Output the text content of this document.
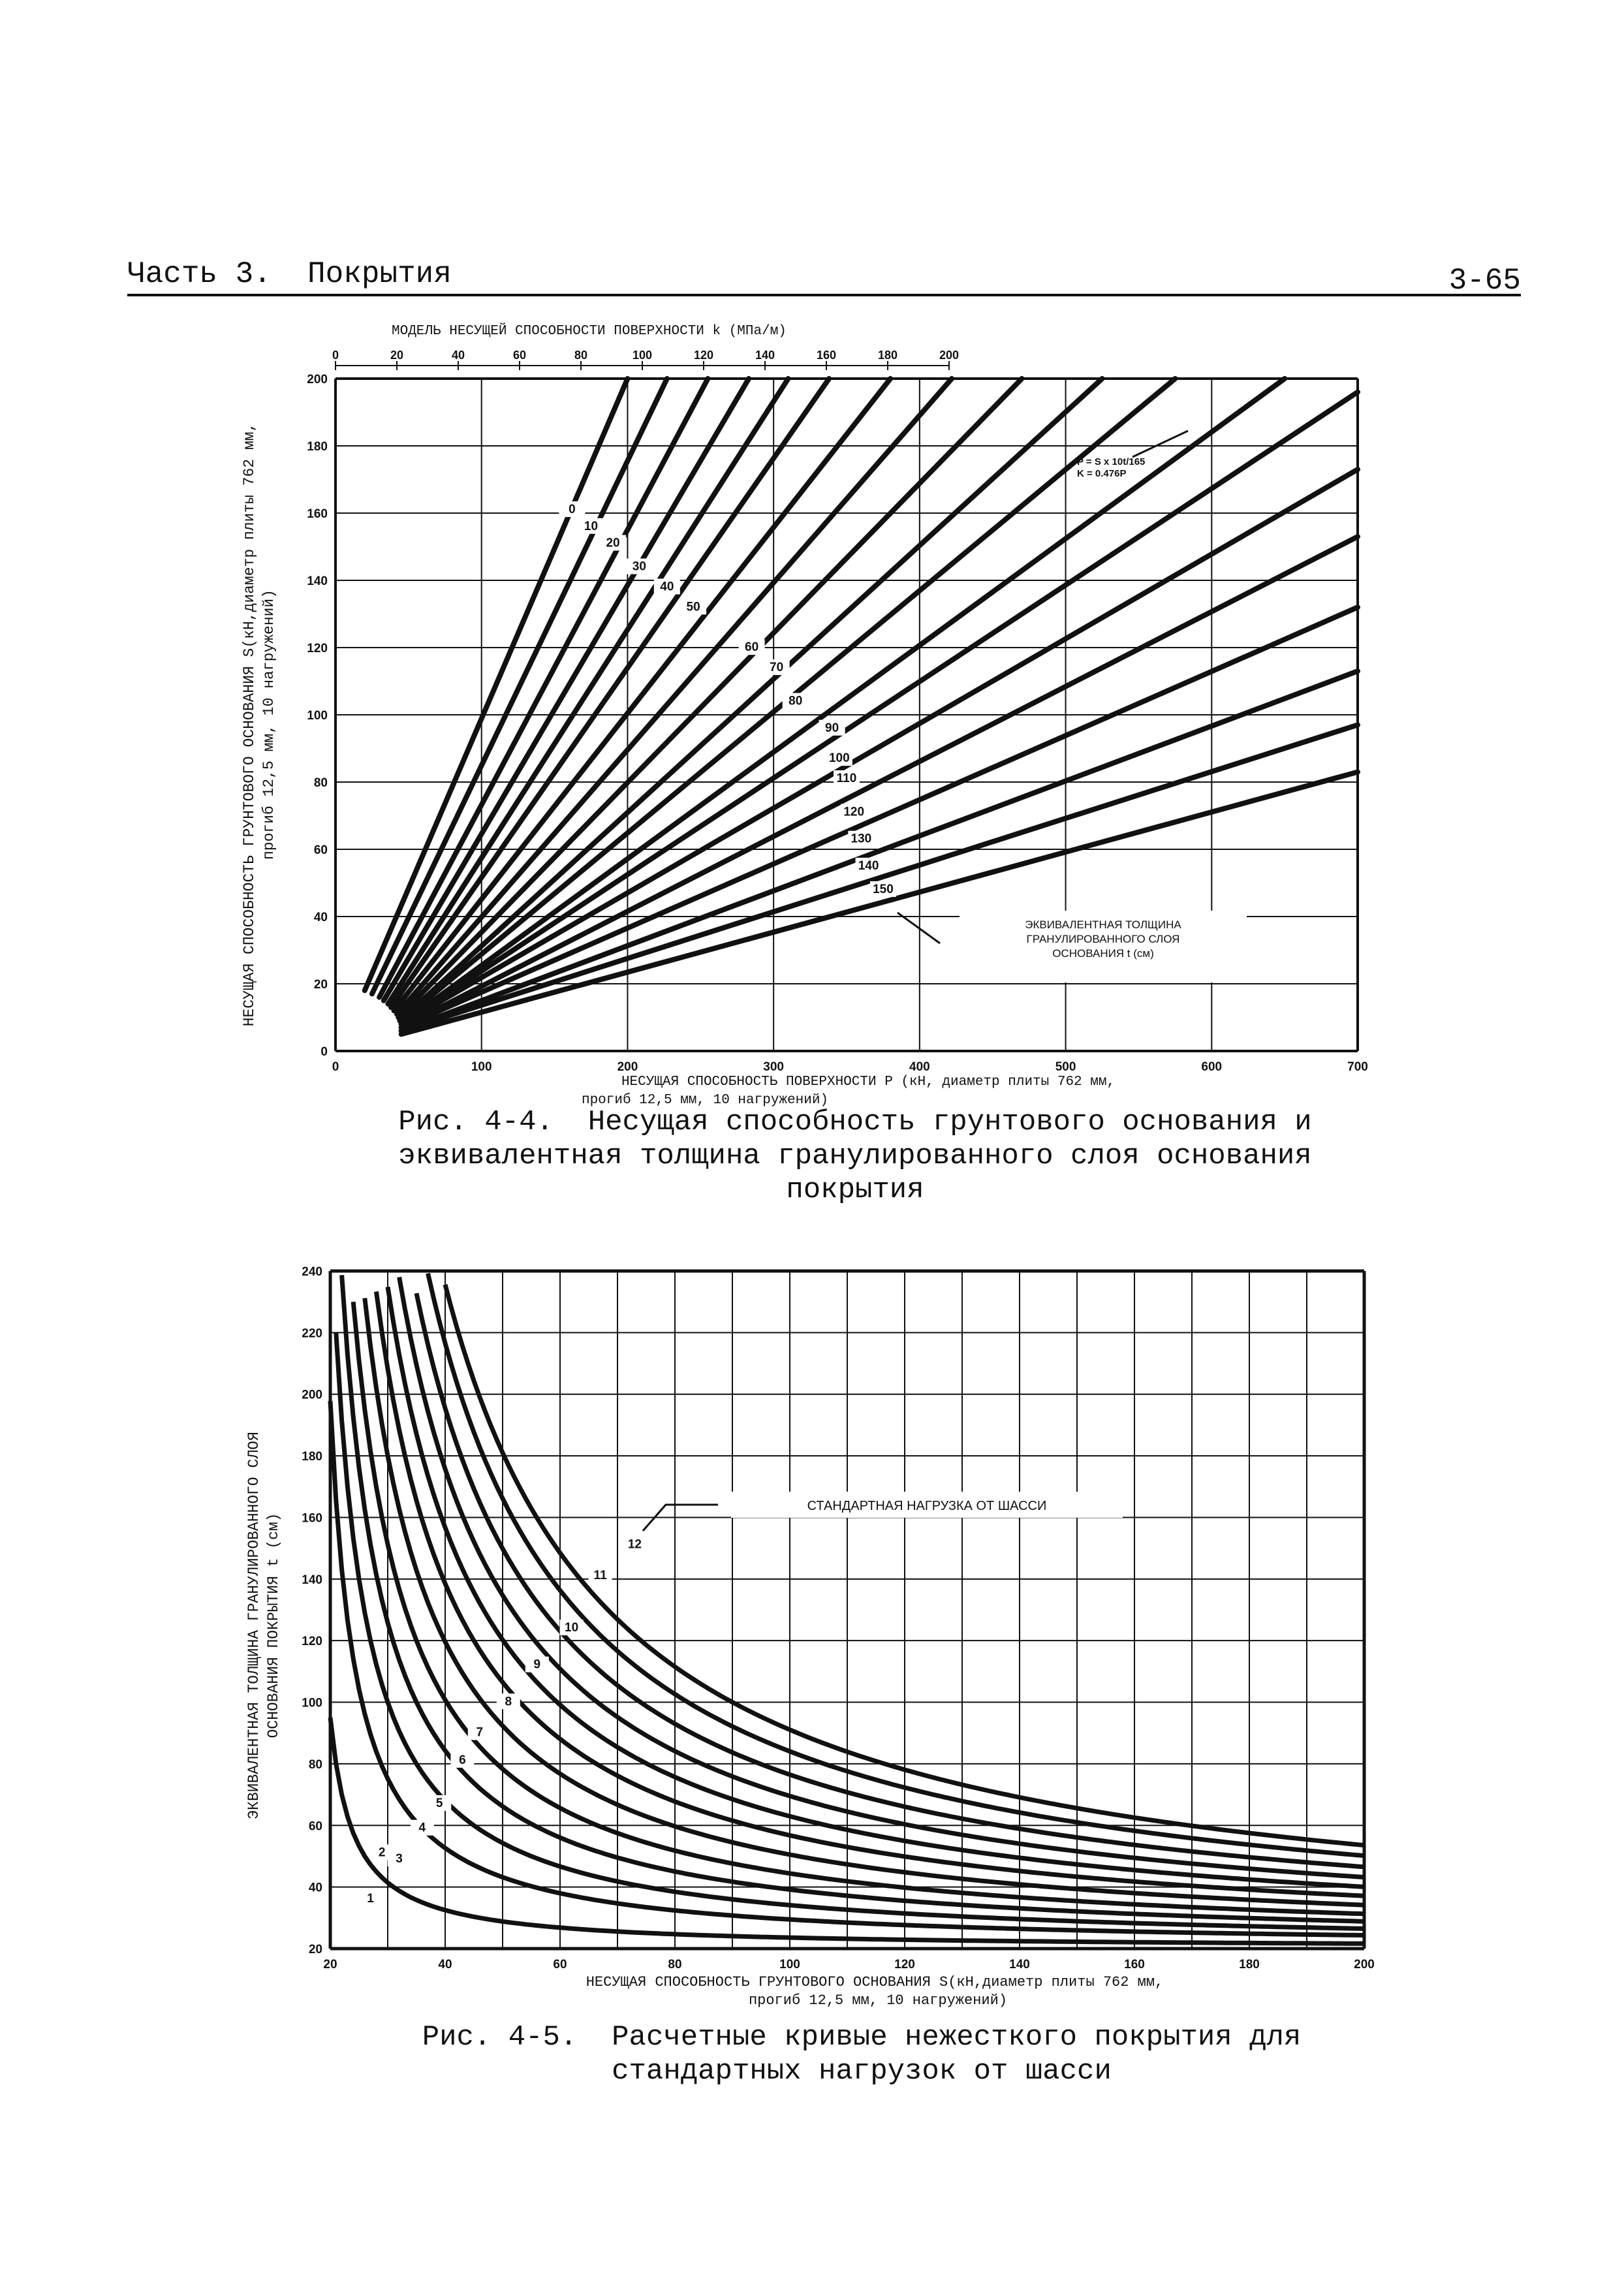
Часть 3.  Покрытия	3-65
МОДЕЛЬ НЕСУЩЕЙ СПОСОБНОСТИ ПОВЕРХНОСТИ k (МПа/м)
НЕСУЩАЯ СПОСОБНОСТЬ ГРУНТОВОГО ОСНОВАНИЯ S(кН,диаметр плиты 762 мм, прогиб 12,5 мм, 10 нагружений)
НЕСУЩАЯ СПОСОБНОСТЬ ПОВЕРХНОСТИ P (кН, диаметр плиты 762 мм,
прогиб 12,5 мм, 10 нагружений)
0
20
40
60
80
100
120
140
160
180
200
0	100	200	300	400	500	600	700
0	20	40	60	80	100	120	140	160	180	200
0
10
20
30
40
50
60
70
80
90
100
110
120
130
140
150
P = S x 10t/165
K = 0.476P
ЭКВИВАЛЕНТНАЯ ТОЛЩИНА
ГРАНУЛИРОВАННОГО СЛОЯ
ОСНОВАНИЯ t (см)
Рис. 4-4.  Несущая способность грунтового основания и эквивалентная толщина гранулированного слоя основания покрытия
ЭКВИВАЛЕНТНАЯ ТОЛЩИНА ГРАНУЛИРОВАННОГО СЛОЯ ОСНОВАНИЯ ПОКРЫТИЯ t (см)
НЕСУЩАЯ СПОСОБНОСТЬ ГРУНТОВОГО ОСНОВАНИЯ S(кН,диаметр плиты 762 мм,
прогиб 12,5 мм, 10 нагружений)
20
40
60
80
100
120
140
160
180
200
220
240
20	40	60	80	100	120	140	160	180	200
1
2 3
4
5
6
7
8
9
10
11
12
СТАНДАРТНАЯ НАГРУЗКА ОТ ШАССИ
Рис. 4-5.  Расчетные кривые нежесткого покрытия для стандартных нагрузок от шасси
